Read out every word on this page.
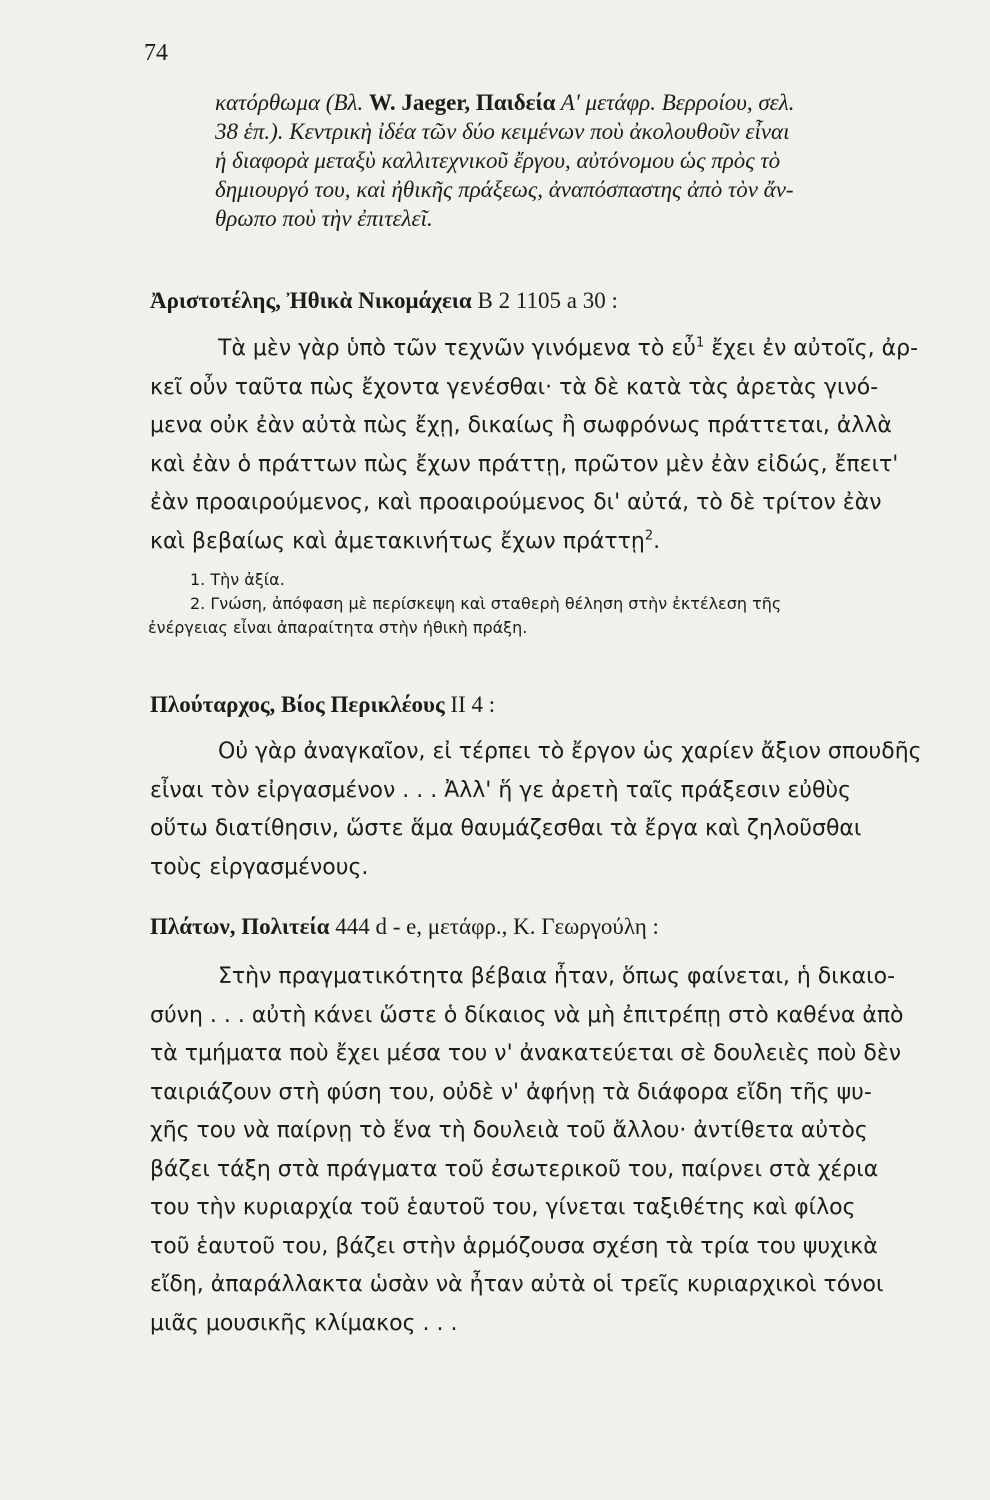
74

κατόρθωμα (Βλ. W. Jaeger, Παιδεία Α' μετάφρ. Βερροίου, σελ.

38 ἑπ.). Κεντρικὴ ἰδέα τῶν δύο κειμένων ποὺ ἀκολουθοῦν εἶναι

ἡ διαφορὰ μεταξὺ καλλιτεχνικοῦ ἔργου, αὐτόνομου ὡς πρὸς τὸ

δημιουργό του, καὶ ἠθικῆς πράξεως, ἀναπόσπαστης ἀπὸ τὸν ἄν-

θρωπο ποὺ τὴν ἐπιτελεῖ.

Ἀριστοτέλης, Ἠθικὰ Νικομάχεια Β 2 1105 a 30 :
Τὰ μὲν γὰρ ὑπὸ τῶν τεχνῶν γινόμενα τὸ εὖ$^1$ ἔχει ἐν αὐτοῖς, ἀρ-
κεῖ οὖν ταῦτα πὼς ἔχοντα γενέσθαι· τὰ δὲ κατὰ τὰς ἀρετὰς γινό-
μενα οὐκ ἐὰν αὐτὰ πὼς ἔχῃ, δικαίως ἢ σωφρόνως πράττεται, ἀλλὰ
καὶ ἐὰν ὁ πράττων πὼς ἔχων πράττῃ, πρῶτον μὲν ἐὰν εἰδώς, ἔπειτ'
ἐὰν προαιρούμενος, καὶ προαιρούμενος δι' αὐτά, τὸ δὲ τρίτον ἐὰν
καὶ βεβαίως καὶ ἀμετακινήτως ἔχων πράττῃ$^2$.
1. Τὴν ἀξία.
2. Γνώση, ἀπόφαση μὲ περίσκεψη καὶ σταθερὴ θέληση στὴν ἐκτέλεση τῆς
ἐνέργειας εἶναι ἀπαραίτητα στὴν ἠθικὴ πράξη.
Πλούταρχος, Βίος Περικλέους II 4 :
Οὐ γὰρ ἀναγκαῖον, εἰ τέρπει τὸ ἔργον ὡς χαρίεν ἄξιον σπουδῆς
εἶναι τὸν εἰργασμένον . . . Ἀλλ' ἥ γε ἀρετὴ ταῖς πράξεσιν εὐθὺς
οὕτω διατίθησιν, ὥστε ἅμα θαυμάζεσθαι τὰ ἔργα καὶ ζηλοῦσθαι
τοὺς εἰργασμένους.
Πλάτων, Πολιτεία 444 d - e, μετάφρ., Κ. Γεωργούλη :
Στὴν πραγματικότητα βέβαια ἦταν, ὅπως φαίνεται, ἡ δικαιο-
σύνη . . . αὐτὴ κάνει ὥστε ὁ δίκαιος νὰ μὴ ἐπιτρέπῃ στὸ καθένα ἀπὸ
τὰ τμήματα ποὺ ἔχει μέσα του ν' ἀνακατεύεται σὲ δουλειὲς ποὺ δὲν
ταιριάζουν στὴ φύση του, οὐδὲ ν' ἀφήνῃ τὰ διάφορα εἴδη τῆς ψυ-
χῆς του νὰ παίρνῃ τὸ ἕνα τὴ δουλειὰ τοῦ ἄλλου· ἀντίθετα αὐτὸς
βάζει τάξη στὰ πράγματα τοῦ ἐσωτερικοῦ του, παίρνει στὰ χέρια
του τὴν κυριαρχία τοῦ ἑαυτοῦ του, γίνεται ταξιθέτης καὶ φίλος
τοῦ ἑαυτοῦ του, βάζει στὴν ἁρμόζουσα σχέση τὰ τρία του ψυχικὰ
εἴδη, ἀπαράλλακτα ὡσὰν νὰ ἦταν αὐτὰ οἱ τρεῖς κυριαρχικοὶ τόνοι
μιᾶς μουσικῆς κλίμακος . . .
